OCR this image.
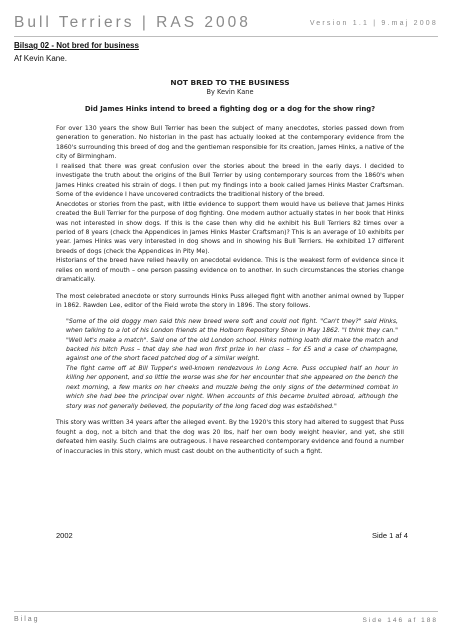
Bull Terriers | RAS 2008	Version 1.1 | 9.maj 2008
Bilsag 02 - Not bred for business
Af Kevin Kane.
NOT BRED TO THE BUSINESS
By Kevin Kane
Did James Hinks intend to breed a fighting dog or a dog for the show ring?

For over 130 years the show Bull Terrier has been the subject of many anecdotes, stories passed down from generation to generation. No historian in the past has actually looked at the contemporary evidence from the 1860's surrounding this breed of dog and the gentleman responsible for its creation, James Hinks, a native of the city of Birmingham.

I realised that there was great confusion over the stories about the breed in the early days. I decided to investigate the truth about the origins of the Bull Terrier by using contemporary sources from the 1860's when James Hinks created his strain of dogs. I then put my findings into a book called James Hinks Master Craftsman. Some of the evidence I have uncovered contradicts the traditional history of the breed.

Anecdotes or stories from the past, with little evidence to support them would have us believe that James Hinks created the Bull Terrier for the purpose of dog fighting. One modern author actually states in her book that Hinks was not interested in show dogs. If this is the case then why did he exhibit his Bull Terriers 82 times over a period of 8 years (check the Appendices in James Hinks Master Craftsman)? This is an average of 10 exhibits per year. James Hinks was very interested in dog shows and in showing his Bull Terriers. He exhibited 17 different breeds of dogs (check the Appendices in Pity Me).

Historians of the breed have relied heavily on anecdotal evidence. This is the weakest form of evidence since it relies on word of mouth – one person passing evidence on to another. In such circumstances the stories change dramatically.

The most celebrated anecdote or story surrounds Hinks Puss alleged fight with another animal owned by Tupper in 1862. Rawden Lee, editor of the Field wrote the story in 1896. The story follows.

"Some of the old doggy men said this new breed were soft and could not fight. "Can't they?" said Hinks, when talking to a lot of his London friends at the Holborn Repository Show in May 1862. "I think they can." "Well let's make a match". Said one of the old London school. Hinks nothing loath did make the match and backed his bitch Puss – that day she had won first prize in her class – for £5 and a case of champagne, against one of the short faced patched dog of a similar weight.

The fight came off at Bill Tupper's well-known rendezvous in Long Acre. Puss occupied half an hour in killing her opponent, and so little the worse was she for her encounter that she appeared on the bench the next morning, a few marks on her cheeks and muzzle being the only signs of the determined combat in which she had bee the principal over night. When accounts of this became bruited abroad, although the story was not generally believed, the popularity of the long faced dog was established."

This story was written 34 years after the alleged event. By the 1920's this story had altered to suggest that Puss fought a dog, not a bitch and that the dog was 20 lbs, half her own body weight heavier, and yet, she still defeated him easily. Such claims are outrageous. I have researched contemporary evidence and found a number of inaccuracies in this story, which must cast doubt on the authenticity of such a fight.

2002	Side 1 af 4
Bilag	Side 146 af 188
